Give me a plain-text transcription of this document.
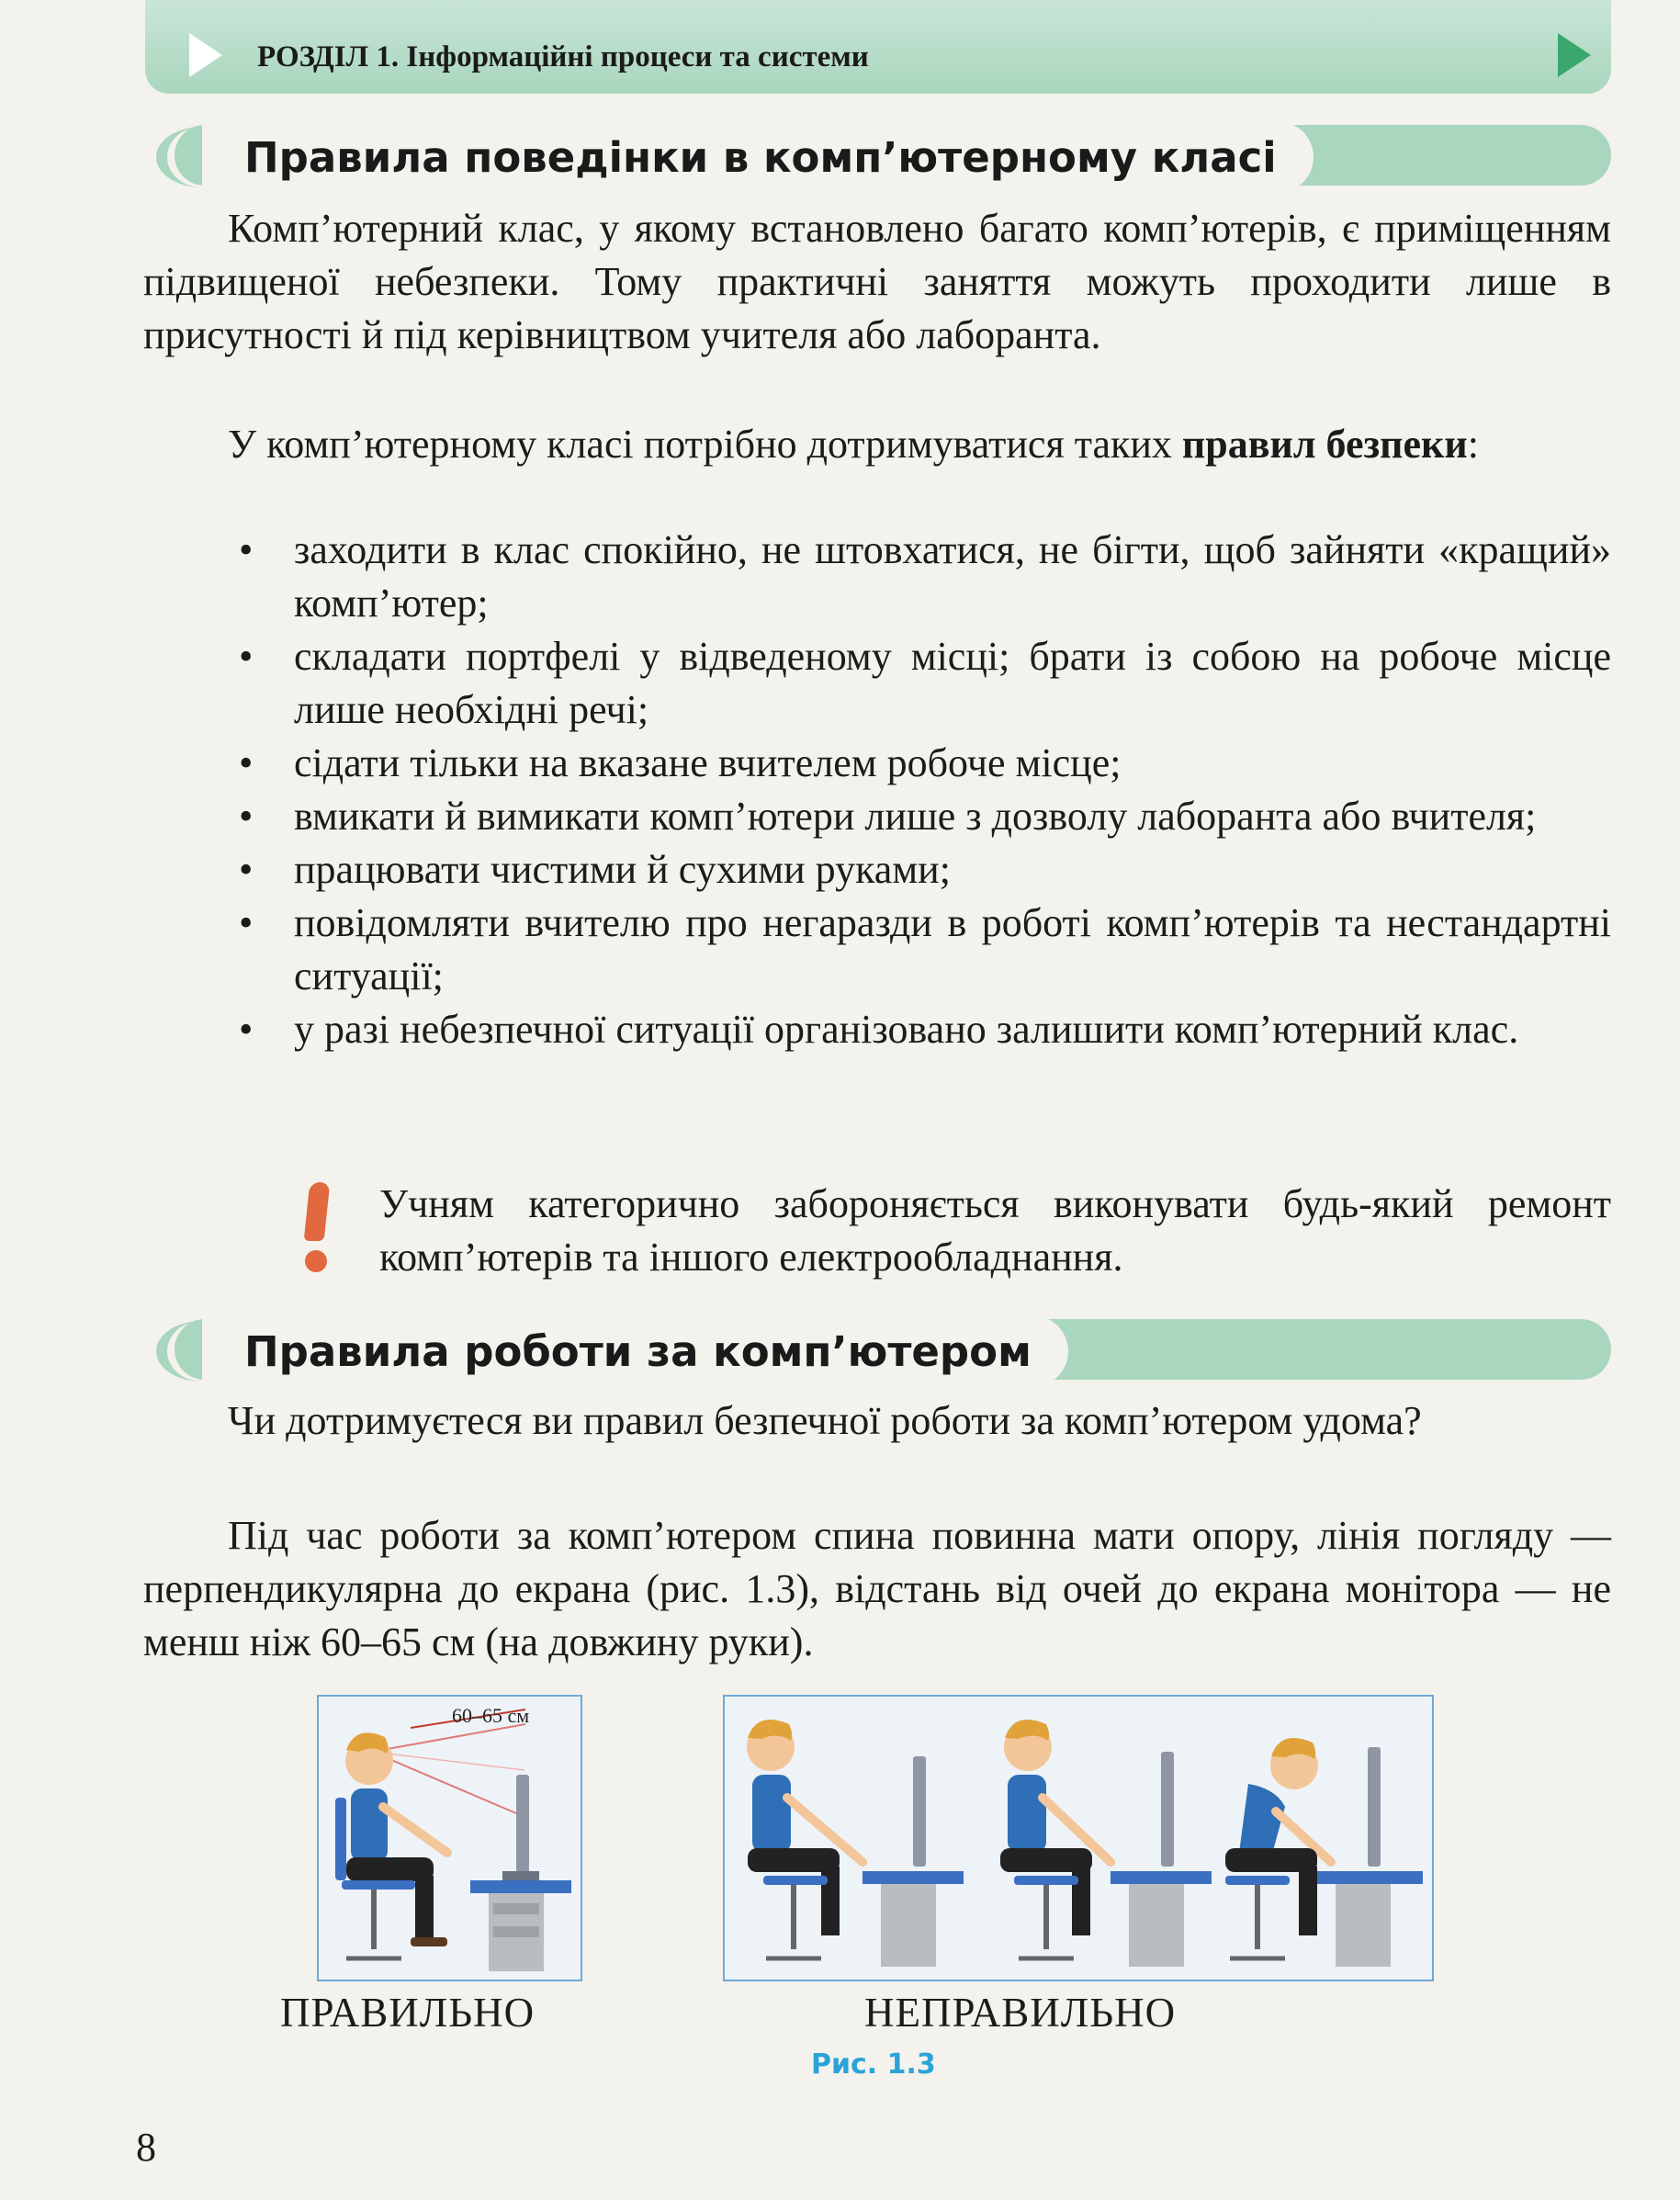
РОЗДІЛ 1. Інформаційні процеси та системи
Правила поведінки в комп’ютерному класі

Комп’ютерний клас, у якому встановлено багато комп’ютерів, є приміщенням підвищеної небезпеки. Тому практичні заняття можуть проходити лише в присутності й під керівництвом учителя або лаборанта.

У комп’ютерному класі потрібно дотримуватися таких правил безпеки:

• заходити в клас спокійно, не штовхатися, не бігти, щоб зайняти «кращий» комп’ютер;
• складати портфелі у відведеному місці; брати із собою на робоче місце лише необхідні речі;
• сідати тільки на вказане вчителем робоче місце;
• вмикати й вимикати комп’ютери лише з дозволу лаборанта або вчителя;
• працювати чистими й сухими руками;
• повідомляти вчителю про негаразди в роботі комп’ютерів та нестандартні ситуації;
• у разі небезпечної ситуації організовано залишити комп’ютерний клас.

Учням категорично забороняється виконувати будь-який ремонт комп’ютерів та іншого електрообладнання.

Правила роботи за комп’ютером

Чи дотримуєтеся ви правил безпечної роботи за комп’ютером удома?

Під час роботи за комп’ютером спина повинна мати опору, лінія погляду — перпендикулярна до екрана (рис. 1.3), відстань від очей до екрана монітора — не менш ніж 60–65 см (на довжину руки).

60–65 см
ПРАВИЛЬНО	НЕПРАВИЛЬНО
Рис. 1.3
8
